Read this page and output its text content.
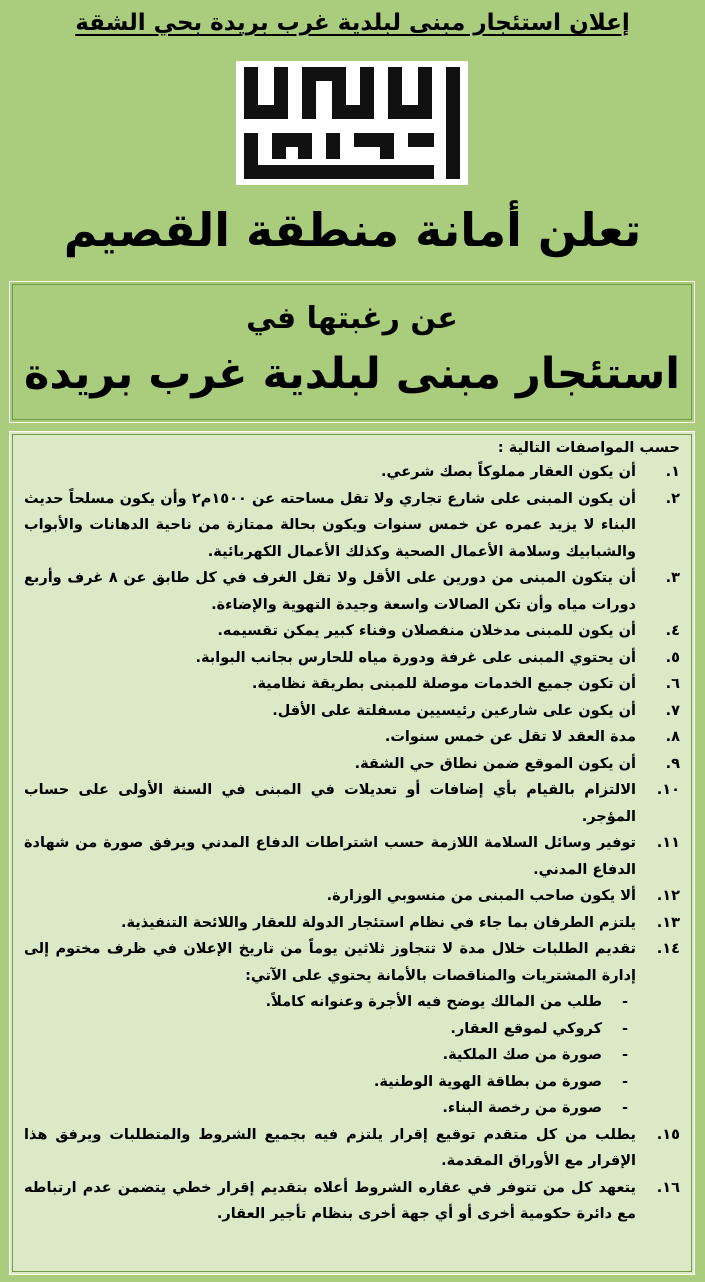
إعلان استئجار مبنى لبلدية غرب بريدة بحي الشقة
تعلن أمانة منطقة القصيم
عن رغبتها في
استئجار مبنى لبلدية غرب بريدة
حسب المواصفات التالية :
١.
أن يكون العقار مملوكاً بصك شرعي.
٢.
أن يكون المبنى على شارع تجاري ولا تقل مساحته عن ١٥٠٠م٢ وأن يكون مسلحاً حديث البناء لا يزيد عمره عن خمس سنوات ويكون بحالة ممتازة من ناحية الدهانات والأبواب والشبابيك وسلامة الأعمال الصحية وكذلك الأعمال الكهربائية.
٣.
أن يتكون المبنى من دورين على الأقل ولا تقل الغرف في كل طابق عن ٨ غرف وأربع دورات مياه وأن تكن الصالات واسعة وجيدة التهوية والإضاءة.
٤.
أن يكون للمبنى مدخلان منفصلان وفناء كبير يمكن تقسيمه.
٥.
أن يحتوي المبنى على غرفة ودورة مياه للحارس بجانب البوابة.
٦.
أن تكون جميع الخدمات موصلة للمبنى بطريقة نظامية.
٧.
أن يكون على شارعين رئيسيين مسفلتة على الأقل.
٨.
مدة العقد لا تقل عن خمس سنوات.
٩.
أن يكون الموقع ضمن نطاق حي الشقة.
١٠.
الالتزام بالقيام بأي إضافات أو تعديلات في المبنى في السنة الأولى على حساب المؤجر.
١١.
توفير وسائل السلامة اللازمة حسب اشتراطات الدفاع المدني ويرفق صورة من شهادة الدفاع المدني.
١٢.
ألا يكون صاحب المبنى من منسوبي الوزارة.
١٣.
يلتزم الطرفان بما جاء في نظام استئجار الدولة للعقار واللائحة التنفيذية.
١٤.
تقديم الطلبات خلال مدة لا تتجاوز ثلاثين يوماً من تاريخ الإعلان في ظرف مختوم إلى إدارة المشتريات والمناقصات بالأمانة يحتوي على الآتي:
-
طلب من المالك يوضح فيه الأجرة وعنوانه كاملاً.
-
كروكي لموقع العقار.
-
صورة من صك الملكية.
-
صورة من بطاقة الهوية الوطنية.
-
صورة من رخصة البناء.
١٥.
يطلب من كل متقدم توقيع إقرار يلتزم فيه بجميع الشروط والمتطلبات ويرفق هذا الإقرار مع الأوراق المقدمة.
١٦.
يتعهد كل من تتوفر في عقاره الشروط أعلاه بتقديم إقرار خطي يتضمن عدم ارتباطه مع دائرة حكومية أخرى أو أي جهة أخرى بنظام تأجير العقار.
